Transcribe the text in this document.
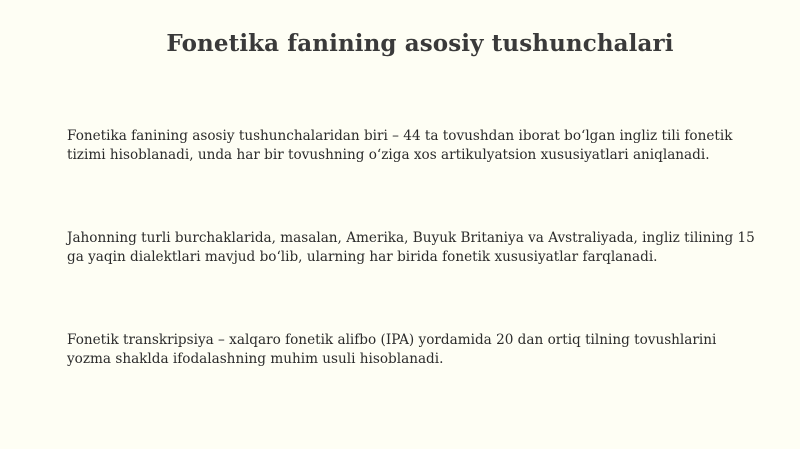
Fonetika fanining asosiy tushunchalari

Fonetika fanining asosiy tushunchalaridan biri – 44 ta tovushdan iborat bo‘lgan ingliz tili fonetik tizimi hisoblanadi, unda har bir tovushning o‘ziga xos artikulyatsion xususiyatlari aniqlanadi.

Jahonning turli burchaklarida, masalan, Amerika, Buyuk Britaniya va Avstraliyada, ingliz tilining 15 ga yaqin dialektlari mavjud bo‘lib, ularning har birida fonetik xususiyatlar farqlanadi.

Fonetik transkripsiya – xalqaro fonetik alifbo (IPA) yordamida 20 dan ortiq tilning tovushlarini yozma shaklda ifodalashning muhim usuli hisoblanadi.
